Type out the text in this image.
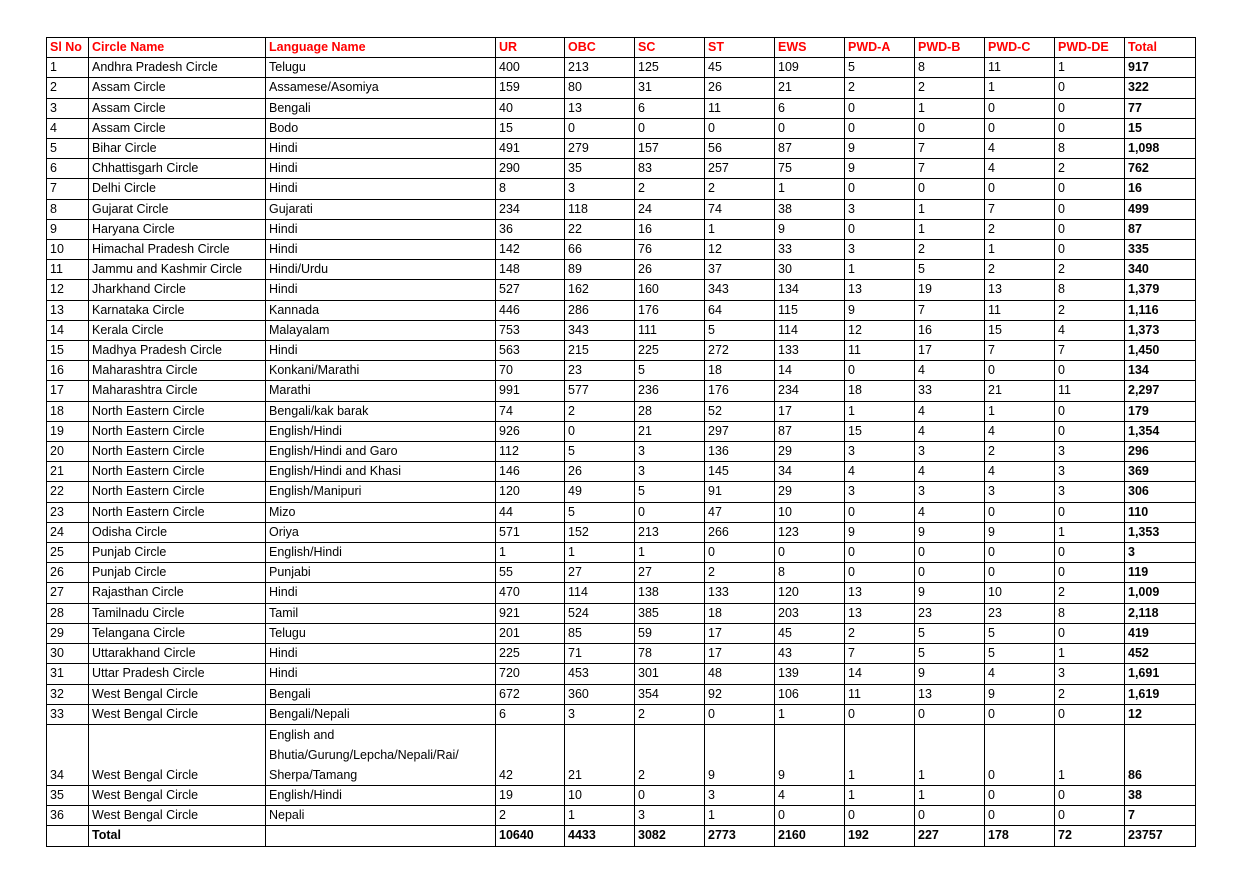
Sl No	Circle Name	Language Name	UR	OBC	SC	ST	EWS	PWD-A	PWD-B	PWD-C	PWD-DE	Total
1	Andhra Pradesh Circle	Telugu	400	213	125	45	109	5	8	11	1	917
2	Assam Circle	Assamese/Asomiya	159	80	31	26	21	2	2	1	0	322
3	Assam Circle	Bengali	40	13	6	11	6	0	1	0	0	77
4	Assam Circle	Bodo	15	0	0	0	0	0	0	0	0	15
5	Bihar Circle	Hindi	491	279	157	56	87	9	7	4	8	1,098
6	Chhattisgarh Circle	Hindi	290	35	83	257	75	9	7	4	2	762
7	Delhi Circle	Hindi	8	3	2	2	1	0	0	0	0	16
8	Gujarat Circle	Gujarati	234	118	24	74	38	3	1	7	0	499
9	Haryana Circle	Hindi	36	22	16	1	9	0	1	2	0	87
10	Himachal Pradesh Circle	Hindi	142	66	76	12	33	3	2	1	0	335
11	Jammu and Kashmir Circle	Hindi/Urdu	148	89	26	37	30	1	5	2	2	340
12	Jharkhand Circle	Hindi	527	162	160	343	134	13	19	13	8	1,379
13	Karnataka Circle	Kannada	446	286	176	64	115	9	7	11	2	1,116
14	Kerala Circle	Malayalam	753	343	111	5	114	12	16	15	4	1,373
15	Madhya Pradesh Circle	Hindi	563	215	225	272	133	11	17	7	7	1,450
16	Maharashtra Circle	Konkani/Marathi	70	23	5	18	14	0	4	0	0	134
17	Maharashtra Circle	Marathi	991	577	236	176	234	18	33	21	11	2,297
18	North Eastern Circle	Bengali/kak barak	74	2	28	52	17	1	4	1	0	179
19	North Eastern Circle	English/Hindi	926	0	21	297	87	15	4	4	0	1,354
20	North Eastern Circle	English/Hindi and Garo	112	5	3	136	29	3	3	2	3	296
21	North Eastern Circle	English/Hindi and Khasi	146	26	3	145	34	4	4	4	3	369
22	North Eastern Circle	English/Manipuri	120	49	5	91	29	3	3	3	3	306
23	North Eastern Circle	Mizo	44	5	0	47	10	0	4	0	0	110
24	Odisha Circle	Oriya	571	152	213	266	123	9	9	9	1	1,353
25	Punjab Circle	English/Hindi	1	1	1	0	0	0	0	0	0	3
26	Punjab Circle	Punjabi	55	27	27	2	8	0	0	0	0	119
27	Rajasthan Circle	Hindi	470	114	138	133	120	13	9	10	2	1,009
28	Tamilnadu Circle	Tamil	921	524	385	18	203	13	23	23	8	2,118
29	Telangana Circle	Telugu	201	85	59	17	45	2	5	5	0	419
30	Uttarakhand Circle	Hindi	225	71	78	17	43	7	5	5	1	452
31	Uttar Pradesh Circle	Hindi	720	453	301	48	139	14	9	4	3	1,691
32	West Bengal Circle	Bengali	672	360	354	92	106	11	13	9	2	1,619
33	West Bengal Circle	Bengali/Nepali	6	3	2	0	1	0	0	0	0	12
34	West Bengal Circle	English and Bhutia/Gurung/Lepcha/Nepali/Rai/ Sherpa/Tamang	42	21	2	9	9	1	1	0	1	86
35	West Bengal Circle	English/Hindi	19	10	0	3	4	1	1	0	0	38
36	West Bengal Circle	Nepali	2	1	3	1	0	0	0	0	0	7
	Total		10640	4433	3082	2773	2160	192	227	178	72	23757
